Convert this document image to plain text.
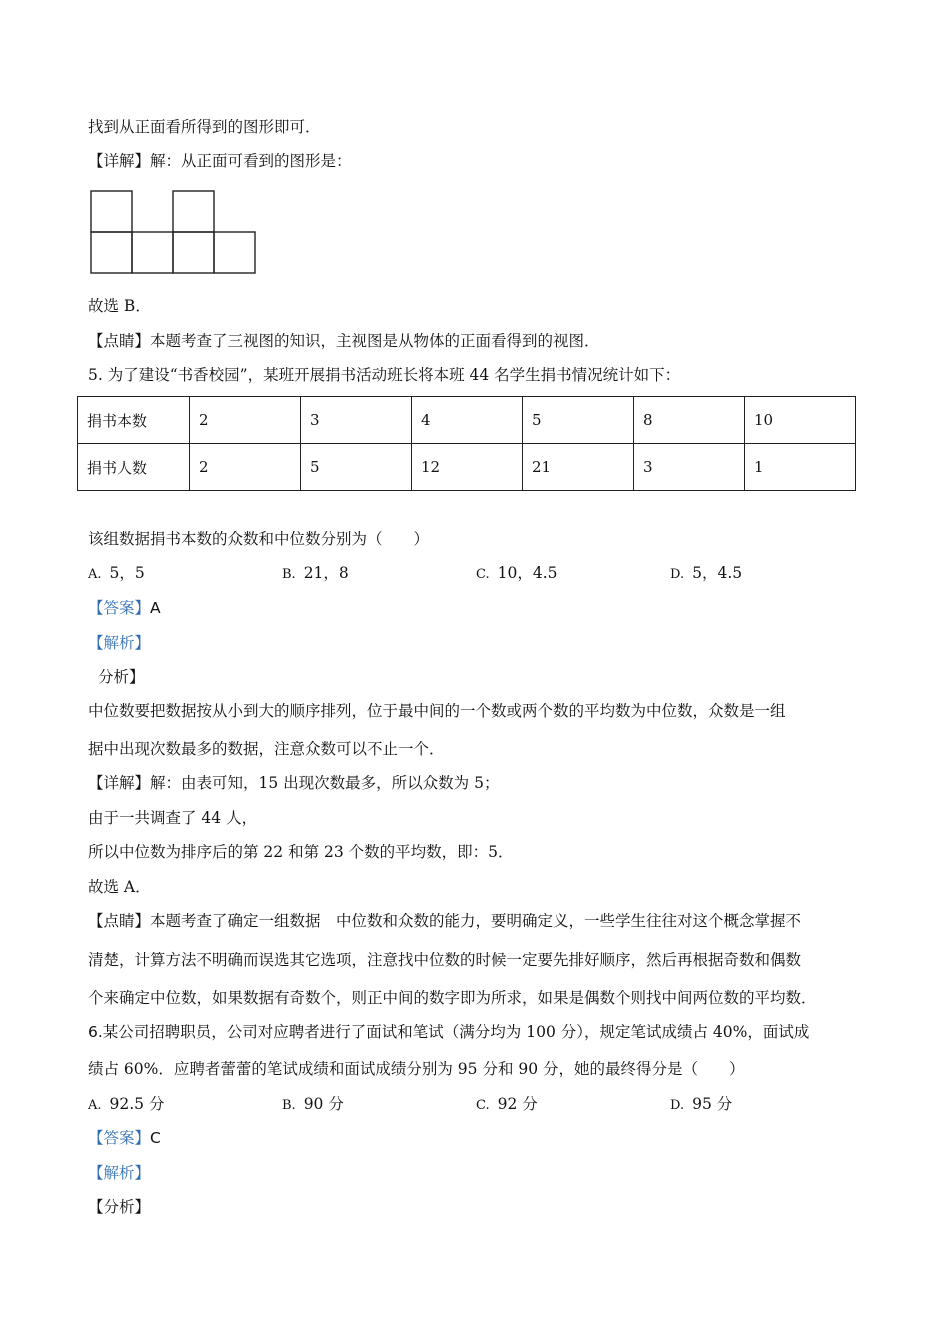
找到从正面看所得到的图形即可．
【详解】解：从正面可看到的图形是：
故选 B．
【点睛】本题考查了三视图的知识，主视图是从物体的正面看得到的视图．
5. 为了建设“书香校园”，某班开展捐书活动班长将本班 44 名学生捐书情况统计如下：
捐书本数	2	3	4	5	8	10
捐书人数	2	5	12	21	3	1
该组数据捐书本数的众数和中位数分别为（　　）
A. 5，5	B. 21，8	C. 10，4.5	D. 5，4.5
【答案】A
【解析】
分析】
中位数要把数据按从小到大的顺序排列，位于最中间的一个数或两个数的平均数为中位数，众数是一组
据中出现次数最多的数据，注意众数可以不止一个．
【详解】解：由表可知，15 出现次数最多，所以众数为 5；
由于一共调查了 44 人，
所以中位数为排序后的第 22 和第 23 个数的平均数，即：5．
故选 A．
【点睛】本题考查了确定一组数据　中位数和众数的能力，要明确定义，一些学生往往对这个概念掌握不
清楚，计算方法不明确而误选其它选项，注意找中位数的时候一定要先排好顺序，然后再根据奇数和偶数
个来确定中位数，如果数据有奇数个，则正中间的数字即为所求，如果是偶数个则找中间两位数的平均数．
6.某公司招聘职员，公司对应聘者进行了面试和笔试（满分均为 100 分），规定笔试成绩占 40%，面试成
绩占 60%．应聘者蕾蕾的笔试成绩和面试成绩分别为 95 分和 90 分，她的最终得分是（　　）
A. 92.5 分	B. 90 分	C. 92 分	D. 95 分
【答案】C
【解析】
【分析】
